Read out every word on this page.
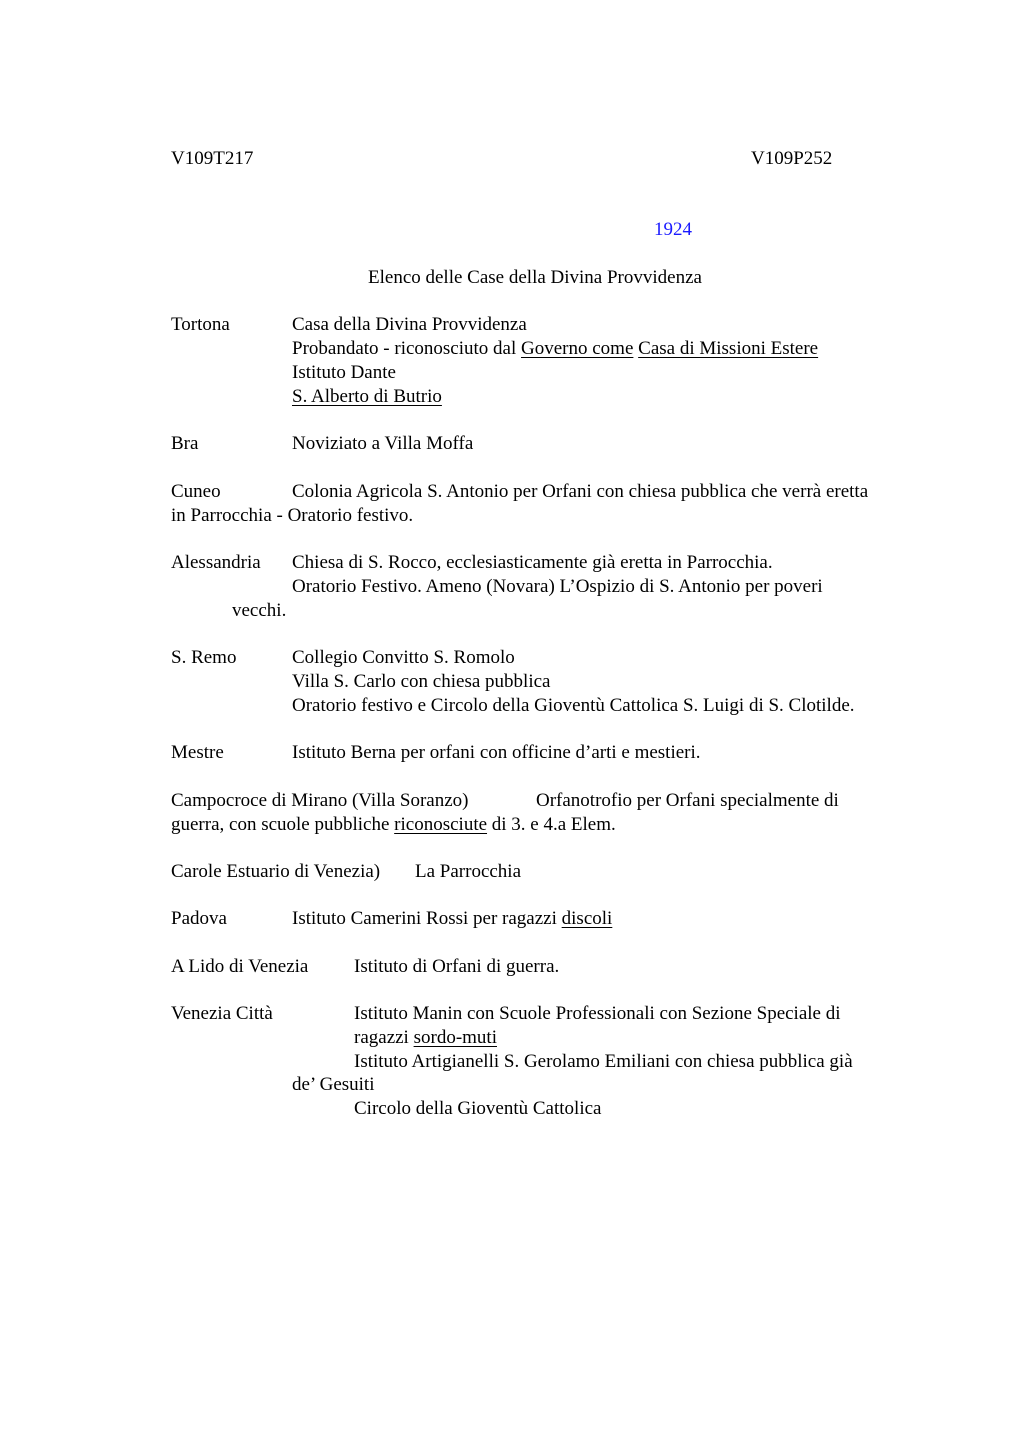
V109T217	V109P252
1924
Elenco delle Case della Divina Provvidenza
Tortona	Casa della Divina Provvidenza
Probandato - riconosciuto dal Governo come Casa di Missioni Estere
Istituto Dante
S. Alberto di Butrio
Bra	Noviziato a Villa Moffa
Cuneo	Colonia Agricola S. Antonio per Orfani con chiesa pubblica che verrà eretta
in Parrocchia - Oratorio festivo.
Alessandria Chiesa di S. Rocco, ecclesiasticamente già eretta in Parrocchia.
Oratorio Festivo. Ameno (Novara) L’Ospizio di S. Antonio per poveri
vecchi.
S. Remo	Collegio Convitto S. Romolo
Villa S. Carlo con chiesa pubblica
Oratorio festivo e Circolo della Gioventù Cattolica S. Luigi di S. Clotilde.
Mestre	Istituto Berna per orfani con officine d’arti e mestieri.
Campocroce di Mirano (Villa Soranzo)	Orfanotrofio per Orfani specialmente di
guerra, con scuole pubbliche riconosciute di 3. e 4.a Elem.
Carole Estuario di Venezia) La Parrocchia
Padova	Istituto Camerini Rossi per ragazzi discoli
A Lido di Venezia Istituto di Orfani di guerra.
Venezia Città	Istituto Manin con Scuole Professionali con Sezione Speciale di
ragazzi sordo-muti
Istituto Artigianelli S. Gerolamo Emiliani con chiesa pubblica già
de’ Gesuiti
Circolo della Gioventù Cattolica
